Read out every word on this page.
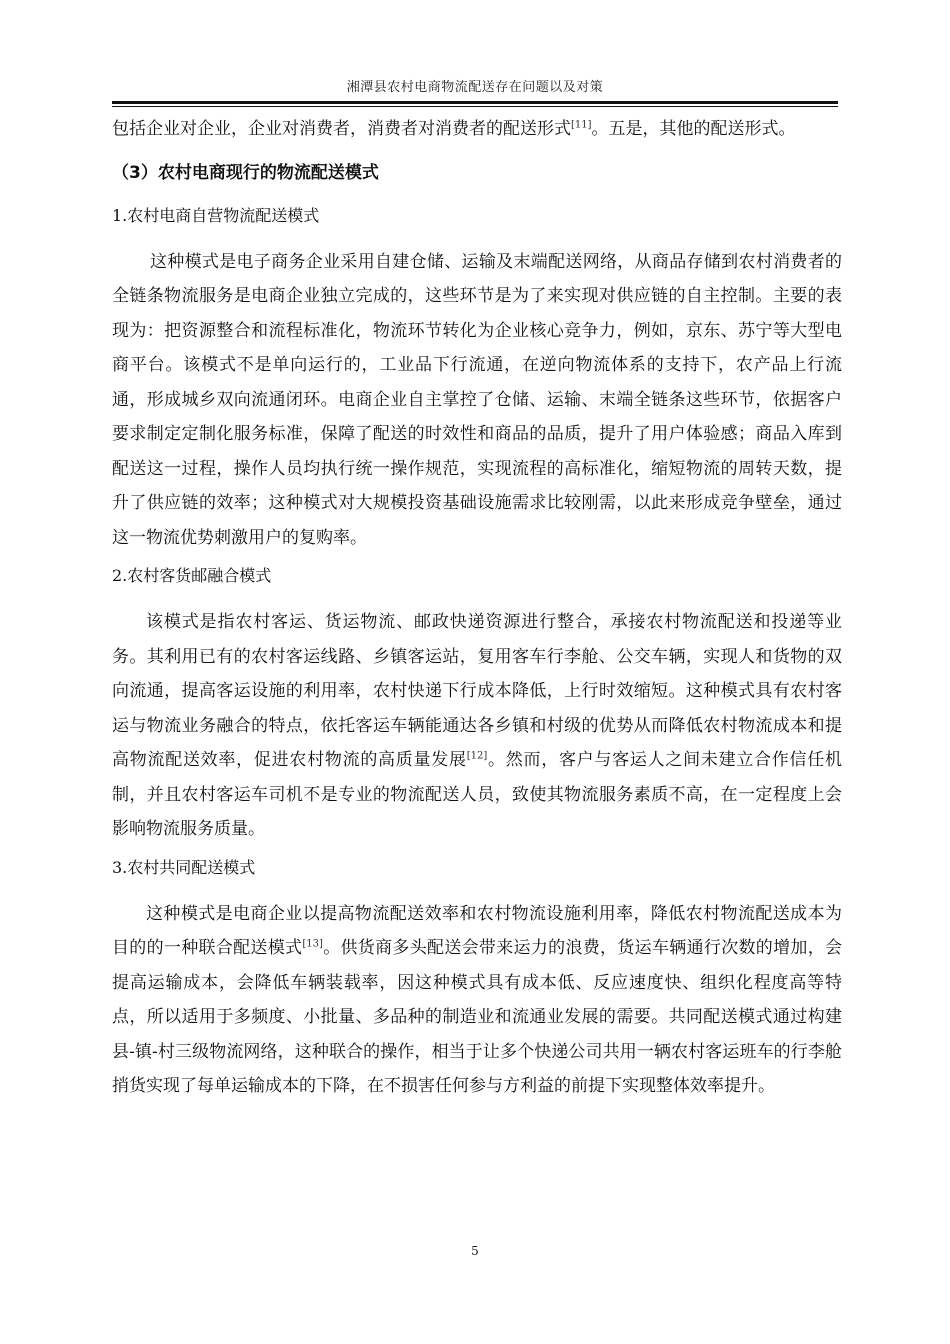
湘潭县农村电商物流配送存在问题以及对策

包括企业对企业，企业对消费者，消费者对消费者的配送形式[11]。五是，其他的配送形式。

（3）农村电商现行的物流配送模式
1.农村电商自营物流配送模式

这种模式是电子商务企业采用自建仓储、运输及末端配送网络，从商品存储到农村消费者的全链条物流服务是电商企业独立完成的，这些环节是为了来实现对供应链的自主控制。主要的表现为：把资源整合和流程标准化，物流环节转化为企业核心竞争力，例如，京东、苏宁等大型电商平台。该模式不是单向运行的，工业品下行流通，在逆向物流体系的支持下，农产品上行流通，形成城乡双向流通闭环。电商企业自主掌控了仓储、运输、末端全链条这些环节，依据客户要求制定定制化服务标准，保障了配送的时效性和商品的品质，提升了用户体验感；商品入库到配送这一过程，操作人员均执行统一操作规范，实现流程的高标准化，缩短物流的周转天数，提升了供应链的效率；这种模式对大规模投资基础设施需求比较刚需，以此来形成竞争壁垒，通过这一物流优势刺激用户的复购率。

2.农村客货邮融合模式

该模式是指农村客运、货运物流、邮政快递资源进行整合，承接农村物流配送和投递等业务。其利用已有的农村客运线路、乡镇客运站，复用客车行李舱、公交车辆，实现人和货物的双向流通，提高客运设施的利用率，农村快递下行成本降低，上行时效缩短。这种模式具有农村客运与物流业务融合的特点，依托客运车辆能通达各乡镇和村级的优势从而降低农村物流成本和提高物流配送效率，促进农村物流的高质量发展[12]。然而，客户与客运人之间未建立合作信任机制，并且农村客运车司机不是专业的物流配送人员，致使其物流服务素质不高，在一定程度上会影响物流服务质量。

3.农村共同配送模式

这种模式是电商企业以提高物流配送效率和农村物流设施利用率，降低农村物流配送成本为目的的一种联合配送模式[13]。供货商多头配送会带来运力的浪费，货运车辆通行次数的增加，会提高运输成本，会降低车辆装载率，因这种模式具有成本低、反应速度快、组织化程度高等特点，所以适用于多频度、小批量、多品种的制造业和流通业发展的需要。共同配送模式通过构建县-镇-村三级物流网络，这种联合的操作，相当于让多个快递公司共用一辆农村客运班车的行李舱捎货实现了每单运输成本的下降，在不损害任何参与方利益的前提下实现整体效率提升。

5
